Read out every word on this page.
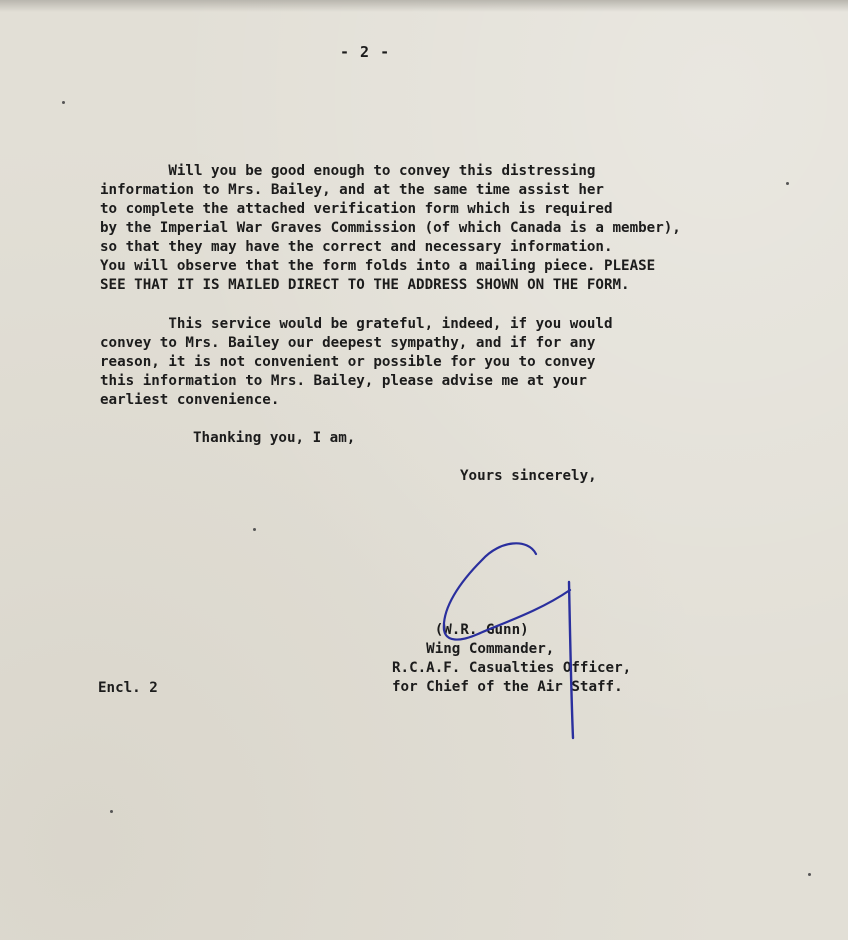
- 2 -
Will you be good enough to convey this distressing
information to Mrs. Bailey, and at the same time assist her
to complete the attached verification form which is required
by the Imperial War Graves Commission (of which Canada is a member),
so that they may have the correct and necessary information.
You will observe that the form folds into a mailing piece. PLEASE
SEE THAT IT IS MAILED DIRECT TO THE ADDRESS SHOWN ON THE FORM.
This service would be grateful, indeed, if you would
convey to Mrs. Bailey our deepest sympathy, and if for any
reason, it is not convenient or possible for you to convey
this information to Mrs. Bailey, please advise me at your
earliest convenience.
Thanking you, I am,
Yours sincerely,
(W.R. Gunn)
Wing Commander,
R.C.A.F. Casualties Officer,
for Chief of the Air Staff.
Encl. 2
